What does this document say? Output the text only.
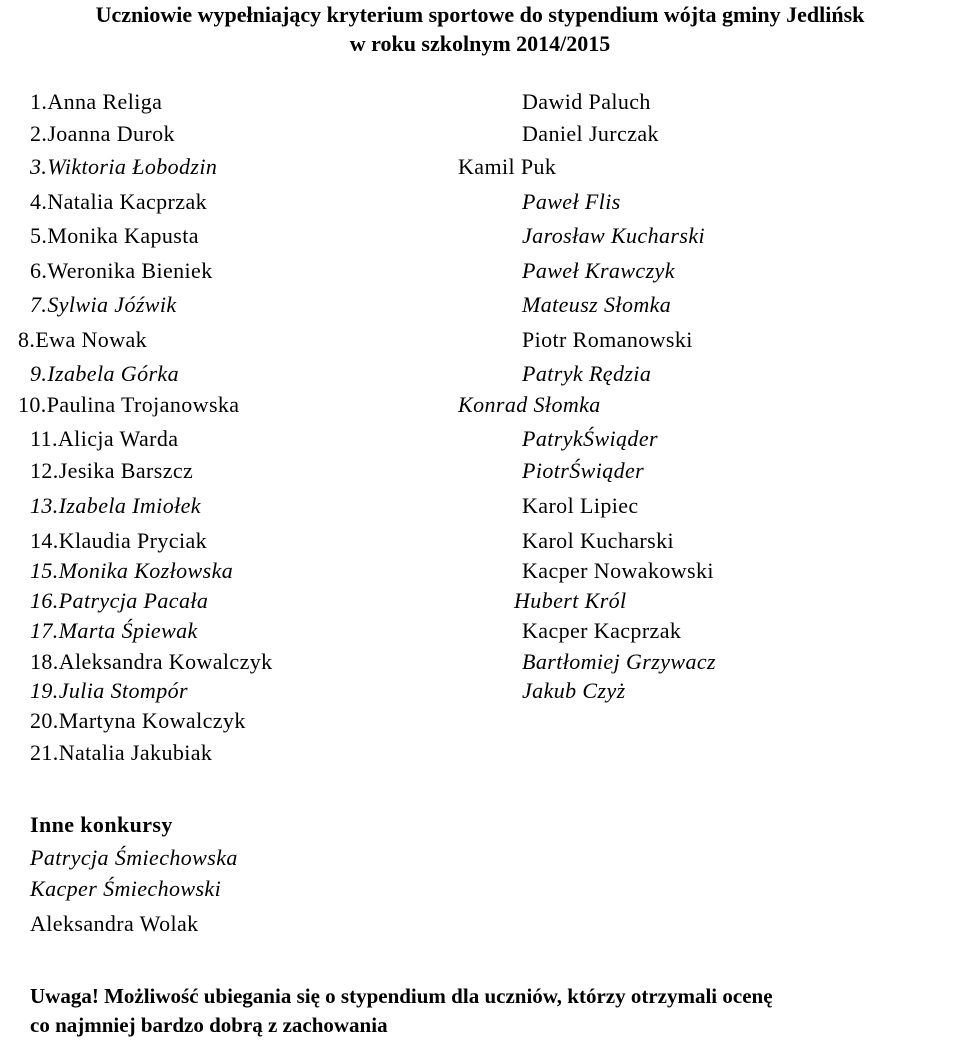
Uczniowie wypełniający kryterium sportowe do stypendium wójta gminy Jedlińsk
w roku szkolnym 2014/2015
1.Anna Religa
2.Joanna Durok
3.Wiktoria Łobodzin
4.Natalia Kacprzak
5.Monika Kapusta
6.Weronika Bieniek
7.Sylwia Jóźwik
8.Ewa Nowak
9.Izabela Górka
10.Paulina Trojanowska
11.Alicja Warda
12.Jesika Barszcz
13.Izabela Imiołek
14.Klaudia Pryciak
15.Monika Kozłowska
16.Patrycja Pacała
17.Marta Śpiewak
18.Aleksandra Kowalczyk
19.Julia Stompór
20.Martyna Kowalczyk
21.Natalia Jakubiak
Dawid Paluch
Daniel Jurczak
Kamil Puk
Paweł Flis
Jarosław Kucharski
Paweł Krawczyk
Mateusz Słomka
Piotr Romanowski
Patryk Rędzia
Konrad Słomka
PatrykŚwiąder
PiotrŚwiąder
Karol Lipiec
Karol Kucharski
Kacper Nowakowski
Hubert Król
Kacper Kacprzak
Bartłomiej Grzywacz
Jakub Czyż
Inne konkursy
Patrycja Śmiechowska
Kacper Śmiechowski
Aleksandra Wolak
Uwaga! Możliwość ubiegania się o stypendium dla uczniów, którzy otrzymali ocenę
co najmniej bardzo dobrą z zachowania
